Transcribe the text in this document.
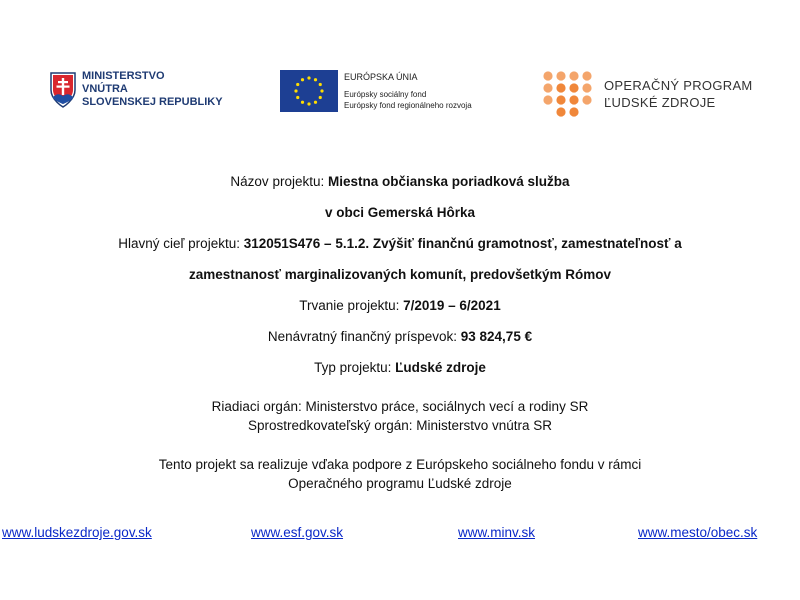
MINISTERSTVO
VNÚTRA
SLOVENSKEJ REPUBLIKY
EURÓPSKA ÚNIA
Európsky sociálny fond
Európsky fond regionálneho rozvoja
OPERAČNÝ PROGRAM
ĽUDSKÉ ZDROJE
Názov projektu: Miestna občianska poriadková služba
v obci Gemerská Hôrka
Hlavný cieľ projektu: 312051S476 – 5.1.2. Zvýšiť finančnú gramotnosť, zamestnateľnosť a
zamestnanosť marginalizovaných komunít, predovšetkým Rómov
Trvanie projektu: 7/2019 – 6/2021
Nenávratný finančný príspevok: 93 824,75 €
Typ projektu: Ľudské zdroje
Riadiaci orgán: Ministerstvo práce, sociálnych vecí a rodiny SR
Sprostredkovateľský orgán: Ministerstvo vnútra SR
Tento projekt sa realizuje vďaka podpore z Európskeho sociálneho fondu v rámci
Operačného programu Ľudské zdroje
www.ludskezdroje.gov.sk	www.esf.gov.sk	www.minv.sk	www.mesto/obec.sk
